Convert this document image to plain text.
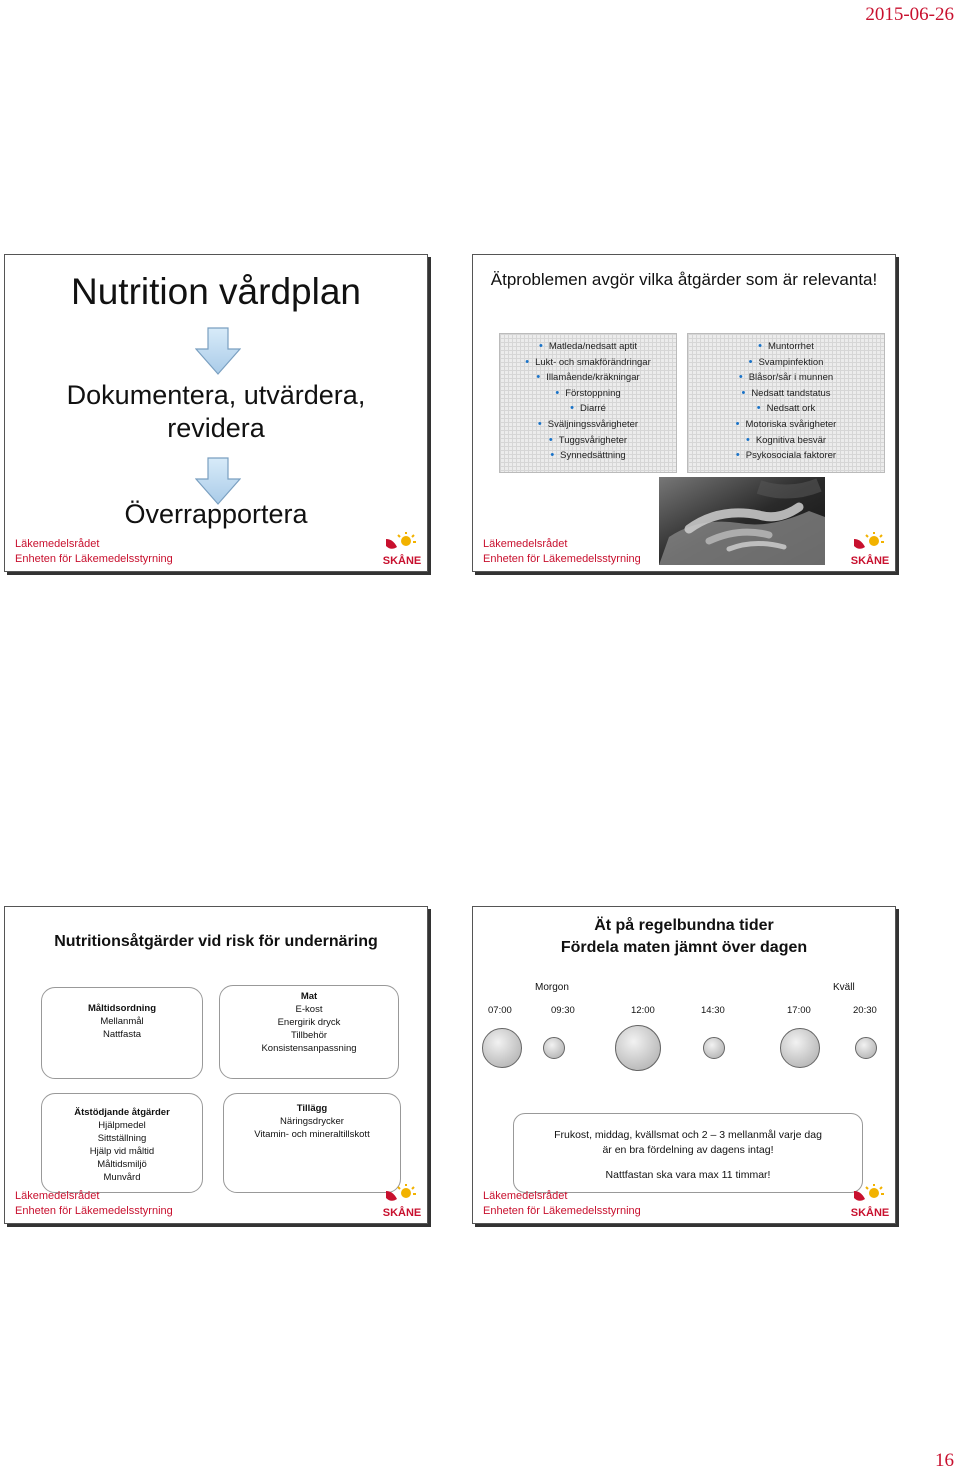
2015-06-26
Nutrition vårdplan
Dokumentera, utvärdera,
revidera
Överrapportera
Läkemedelsrådet
Enheten för Läkemedelsstyrning	SKÅNE
Ätproblemen avgör vilka åtgärder som är relevanta!
• Matleda/nedsatt aptit
• Lukt- och smakförändringar
• Illamående/kräkningar
• Förstoppning
• Diarré
• Sväljningssvårigheter
• Tuggsvårigheter
• Synnedsättning
• Muntorrhet
• Svampinfektion
• Blåsor/sår i munnen
• Nedsatt tandstatus
• Nedsatt ork
• Motoriska svårigheter
• Kognitiva besvär
• Psykosociala faktorer
Läkemedelsrådet
Enheten för Läkemedelsstyrning	SKÅNE
Nutritionsåtgärder vid risk för undernäring
Måltidsordning
Mellanmål
Nattfasta
Mat
E-kost
Energirik dryck
Tillbehör
Konsistensanpassning
Ätstödjande åtgärder
Hjälpmedel
Sittställning
Hjälp vid måltid
Måltidsmiljö
Munvård
Tillägg
Näringsdrycker
Vitamin- och mineraltillskott
Läkemedelsrådet
Enheten för Läkemedelsstyrning	SKÅNE
Ät på regelbundna tider
Fördela maten jämnt över dagen
Morgon	Kväll
07:00	09:30	12:00	14:30	17:00	20:30
Frukost, middag, kvällsmat och 2 – 3 mellanmål varje dag
är en bra fördelning av dagens intag!
Nattfastan ska vara max 11 timmar!
Läkemedelsrådet
Enheten för Läkemedelsstyrning	SKÅNE
16
